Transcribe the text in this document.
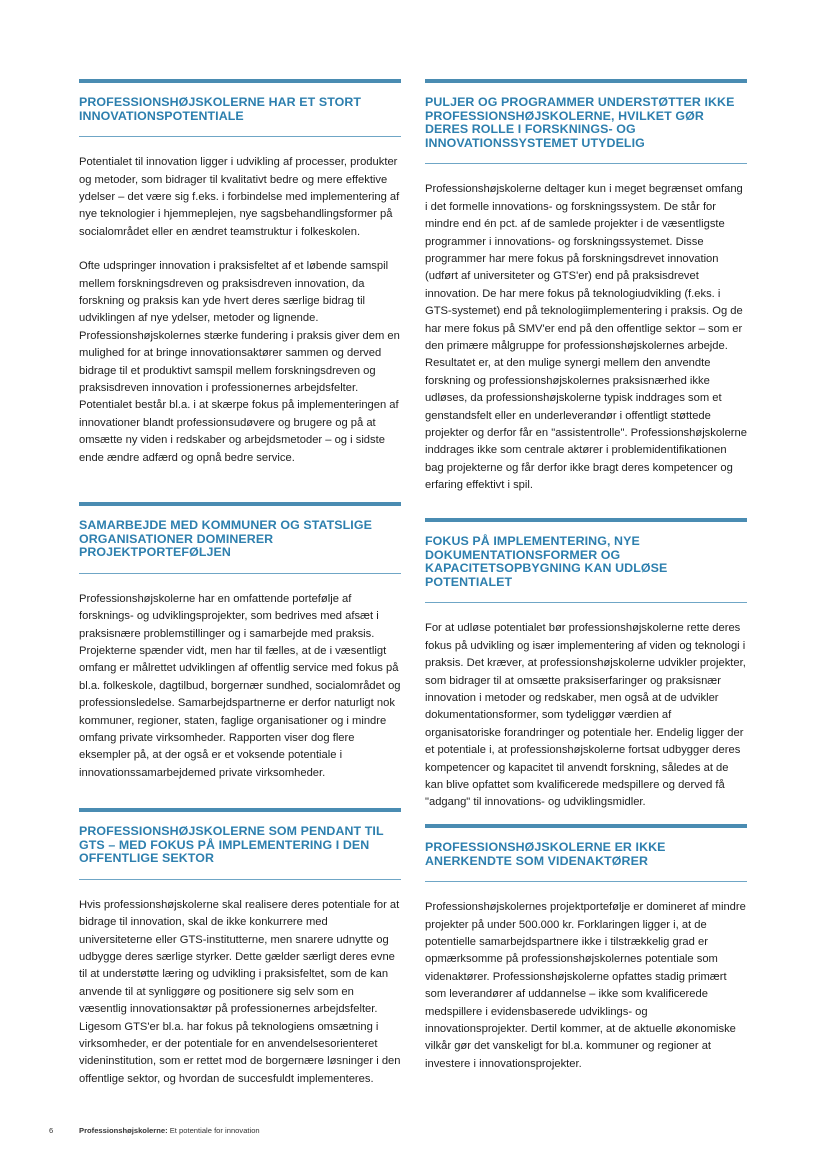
PROFESSIONSHØJSKOLERNE HAR ET STORT INNOVATIONSPOTENTIALE

Potentialet til innovation ligger i udvikling af processer, produkter og metoder, som bidrager til kvalitativt bedre og mere effektive ydelser – det være sig f.eks. i forbindelse med implementering af nye teknologier i hjemmeplejen, nye sagsbehandlingsformer på socialområdet eller en ændret teamstruktur i folkeskolen.

Ofte udspringer innovation i praksisfeltet af et løbende samspil mellem forskningsdreven og praksisdreven innovation, da forskning og praksis kan yde hvert deres særlige bidrag til udviklingen af nye ydelser, metoder og lignende. Professionshøjskolernes stærke fundering i praksis giver dem en mulighed for at bringe innovationsaktører sammen og derved bidrage til et produktivt samspil mellem forskningsdreven og praksisdreven innovation i professionernes arbejdsfelter. Potentialet består bl.a. i at skærpe fokus på implementeringen af innovationer blandt professionsudøvere og brugere og på at omsætte ny viden i redskaber og arbejdsmetoder – og i sidste ende ændre adfærd og opnå bedre service.

SAMARBEJDE MED KOMMUNER OG STATSLIGE ORGANISATIONER DOMINERER PROJEKTPORTEFØLJEN

Professionshøjskolerne har en omfattende portefølje af forsknings- og udviklingsprojekter, som bedrives med afsæt i praksisnære problemstillinger og i samarbejde med praksis. Projekterne spænder vidt, men har til fælles, at de i væsentligt omfang er målrettet udviklingen af offentlig service med fokus på bl.a. folkeskole, dagtilbud, borgernær sundhed, socialområdet og professionsledelse. Samarbejdspartnerne er derfor naturligt nok kommuner, regioner, staten, faglige organisationer og i mindre omfang private virksomheder. Rapporten viser dog flere eksempler på, at der også er et voksende potentiale i innovationssamarbejdemed private virksomheder.

PROFESSIONSHØJSKOLERNE SOM PENDANT TIL GTS – MED FOKUS PÅ IMPLEMENTERING I DEN OFFENTLIGE SEKTOR

Hvis professionshøjskolerne skal realisere deres potentiale for at bidrage til innovation, skal de ikke konkurrere med universiteterne eller GTS-institutterne, men snarere udnytte og udbygge deres særlige styrker. Dette gælder særligt deres evne til at understøtte læring og udvikling i praksisfeltet, som de kan anvende til at synliggøre og positionere sig selv som en væsentlig innovationsaktør på professionernes arbejdsfelter. Ligesom GTS'er bl.a. har fokus på teknologiens omsætning i virksomheder, er der potentiale for en anvendelsesorienteret videninstitution, som er rettet mod de borgernære løsninger i den offentlige sektor, og hvordan de succesfuldt implementeres.

PULJER OG PROGRAMMER UNDERSTØTTER IKKE PROFESSIONSHØJSKOLERNE, HVILKET GØR DERES ROLLE I FORSKNINGS- OG INNOVATIONSSYSTEMET UTYDELIG

Professionshøjskolerne deltager kun i meget begrænset omfang i det formelle innovations- og forskningssystem. De står for mindre end én pct. af de samlede projekter i de væsentligste programmer i innovations- og forskningssystemet. Disse programmer har mere fokus på forskningsdrevet innovation (udført af universiteter og GTS'er) end på praksisdrevet innovation. De har mere fokus på teknologiudvikling (f.eks. i GTS-systemet) end på teknologiimplementering i praksis. Og de har mere fokus på SMV'er end på den offentlige sektor – som er den primære målgruppe for professionshøjskolernes arbejde. Resultatet er, at den mulige synergi mellem den anvendte forskning og professionshøjskolernes praksisnærhed ikke udløses, da professionshøjskolerne typisk inddrages som et genstandsfelt eller en underleverandør i offentligt støttede projekter og derfor får en "assistentrolle". Professionshøjskolerne inddrages ikke som centrale aktører i problemidentifikationen bag projekterne og får derfor ikke bragt deres kompetencer og erfaring effektivt i spil.

FOKUS PÅ IMPLEMENTERING, NYE DOKUMENTATIONSFORMER OG KAPACITETSOPBYGNING KAN UDLØSE POTENTIALET

For at udløse potentialet bør professionshøjskolerne rette deres fokus på udvikling og især implementering af viden og teknologi i praksis. Det kræver, at professionshøjskolerne udvikler projekter, som bidrager til at omsætte praksiserfaringer og praksisnær innovation i metoder og redskaber, men også at de udvikler dokumentationsformer, som tydeliggør værdien af organisatoriske forandringer og potentiale her. Endelig ligger der et potentiale i, at professionshøjskolerne fortsat udbygger deres kompetencer og kapacitet til anvendt forskning, således at de kan blive opfattet som kvalificerede medspillere og derved få "adgang" til innovations- og udviklingsmidler.

PROFESSIONSHØJSKOLERNE ER IKKE ANERKENDTE SOM VIDENAKTØRER

Professionshøjskolernes projektportefølje er domineret af mindre projekter på under 500.000 kr. Forklaringen ligger i, at de potentielle samarbejdspartnere ikke i tilstrækkelig grad er opmærksomme på professionshøjskolernes potentiale som videnaktører. Professionshøjskolerne opfattes stadig primært som leverandører af uddannelse – ikke som kvalificerede medspillere i evidensbaserede udviklings- og innovationsprojekter. Dertil kommer, at de aktuelle økonomiske vilkår gør det vanskeligt for bl.a. kommuner og regioner at investere i innovationsprojekter.

6	Professionshøjskolerne: Et potentiale for innovation
